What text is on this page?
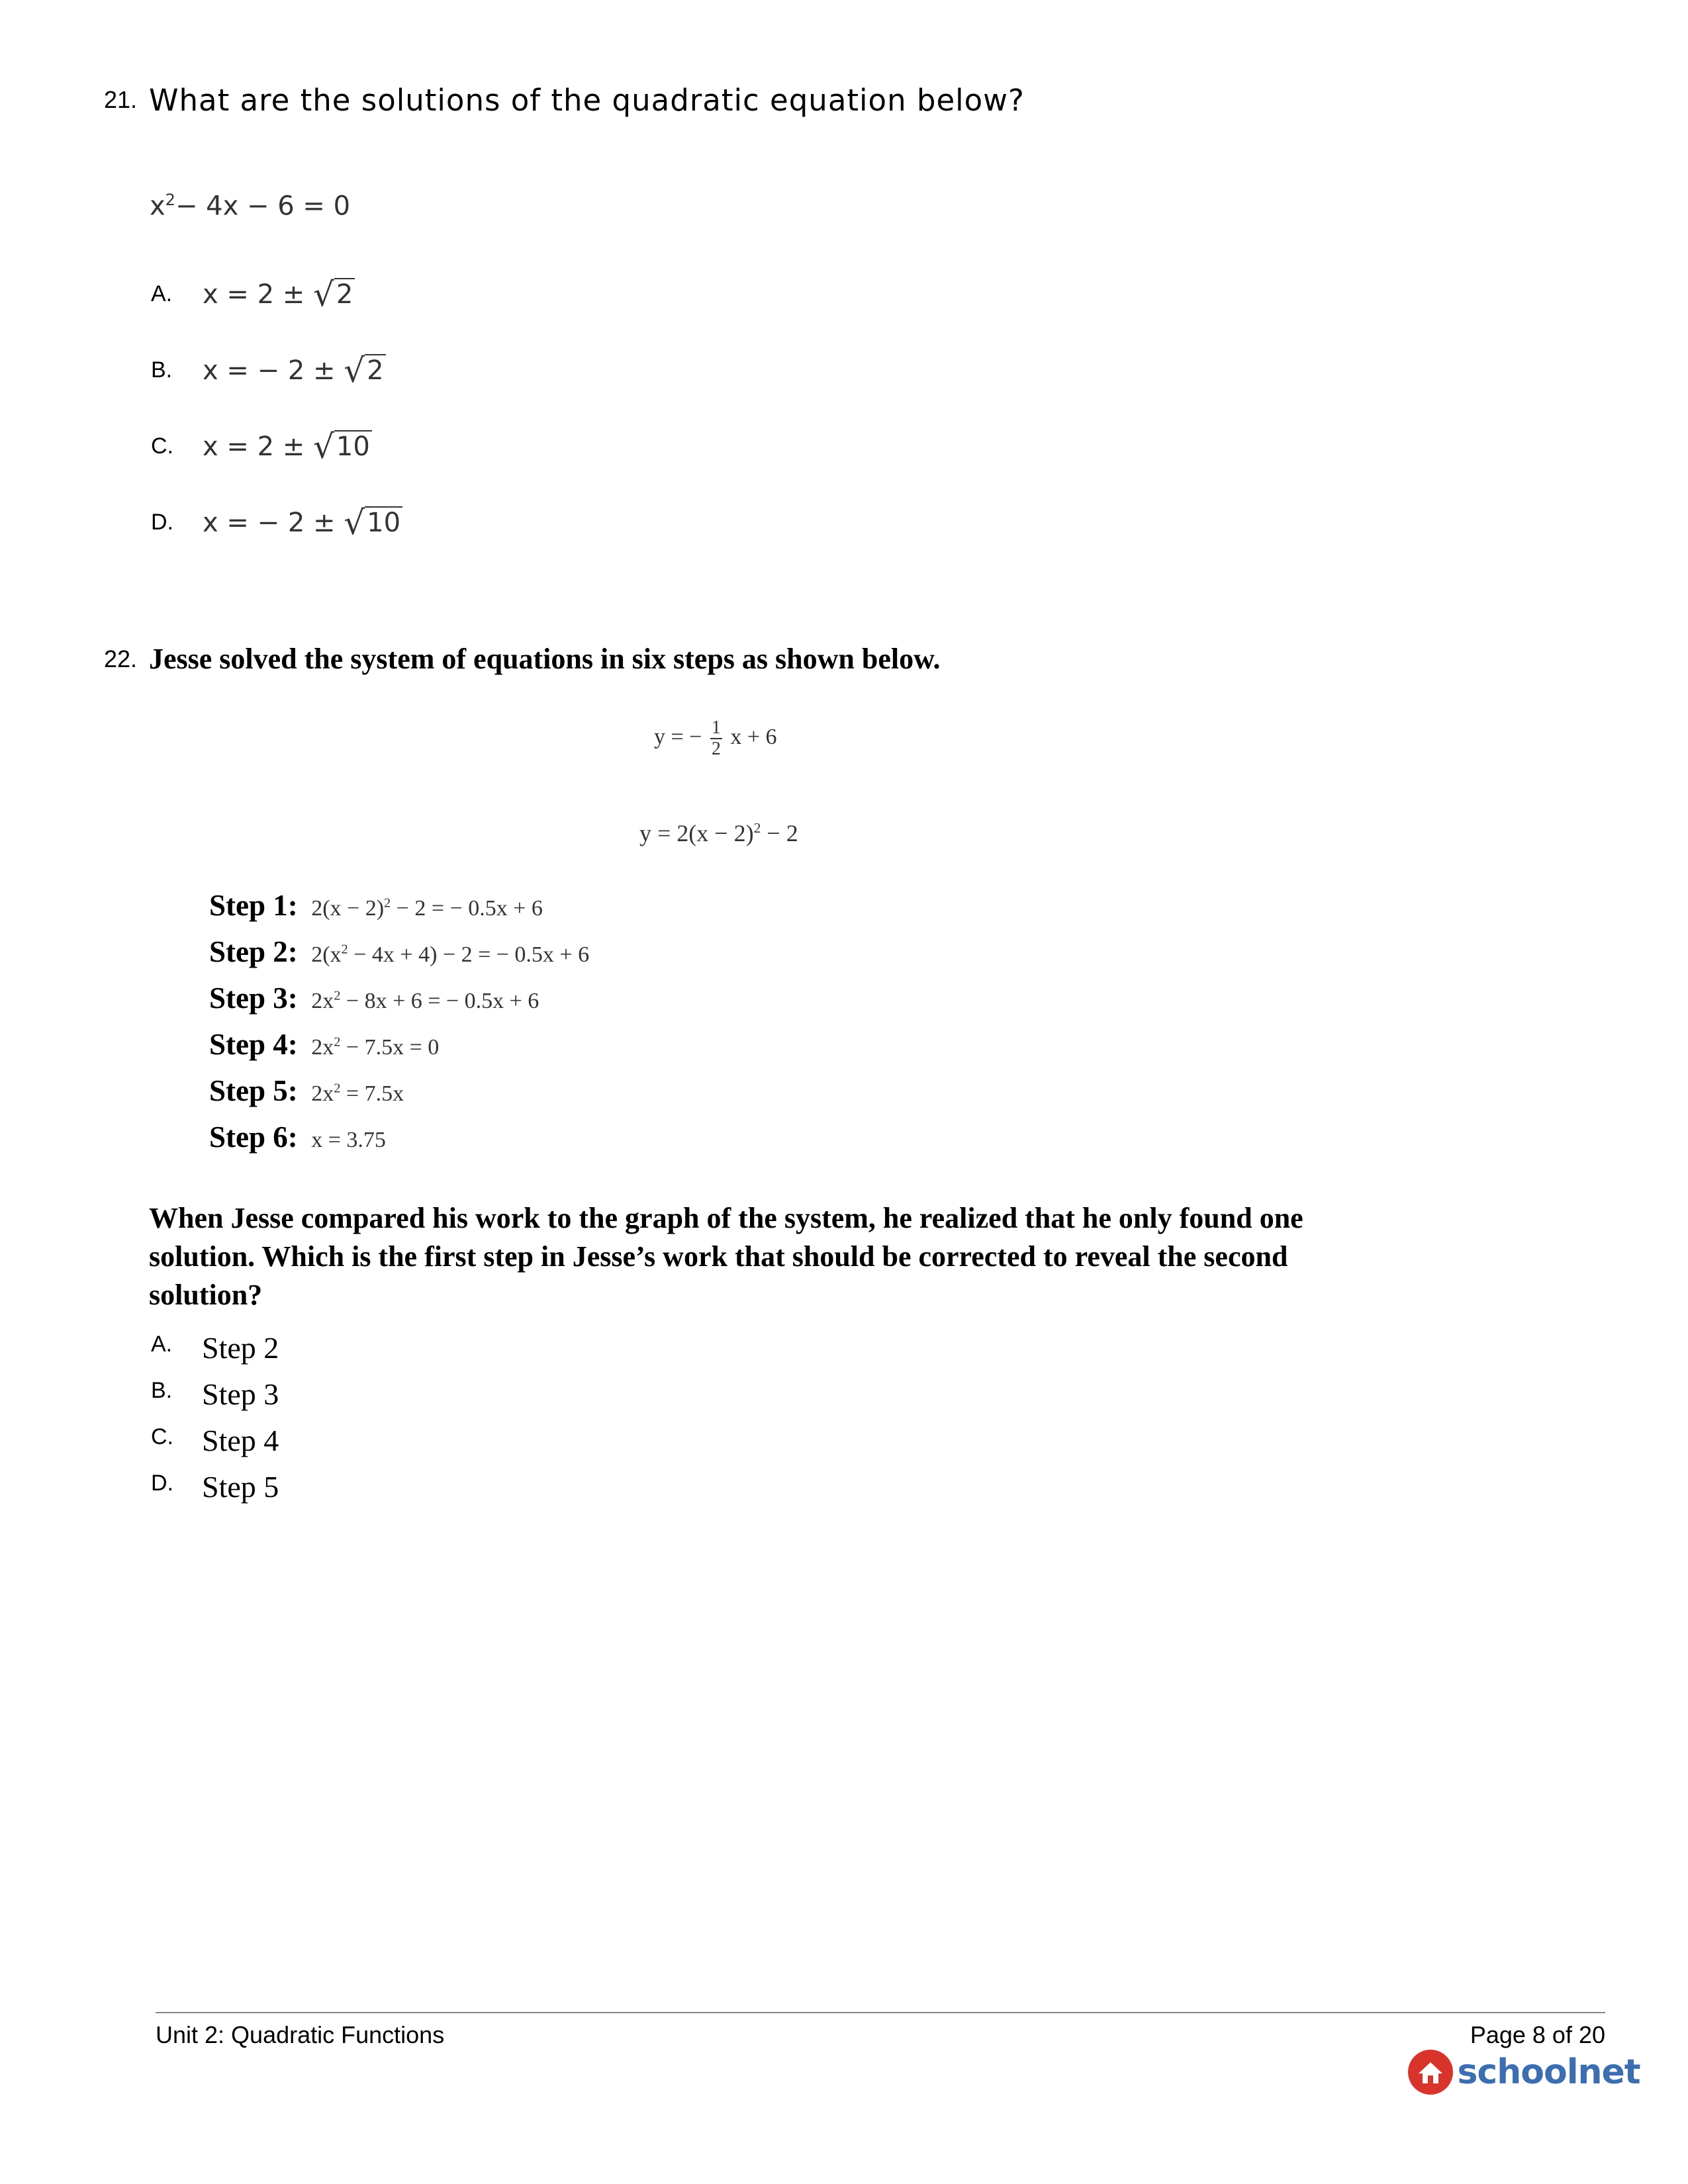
21. What are the solutions of the quadratic equation below?
$x^2- 4x - 6 = 0$
A. x = 2 ± √2
B. x = − 2 ± √2
C. x = 2 ± √10
D. x = − 2 ± √10
22. Jesse solved the system of equations in six steps as shown below.
y = − $\frac{1}{2}$ x + 6
$y = 2(x - 2)^2 - 2$
Step 1: $2(x - 2)^2 - 2$ = − 0.5x + 6
Step 2: $2(x^2 - 4x + 4) - 2$ = − 0.5x + 6
Step 3: $2x^2 - 8x + 6$ = − 0.5x + 6
Step 4: $2x^2 - 7.5x = 0$
Step 5: $2x^2 = 7.5x$
Step 6: x = 3.75
When Jesse compared his work to the graph of the system, he realized that he only found one solution. Which is the first step in Jesse’s work that should be corrected to reveal the second solution?
A. Step 2
B. Step 3
C. Step 4
D. Step 5
Unit 2: Quadratic Functions	Page 8 of 20
schoolnet
